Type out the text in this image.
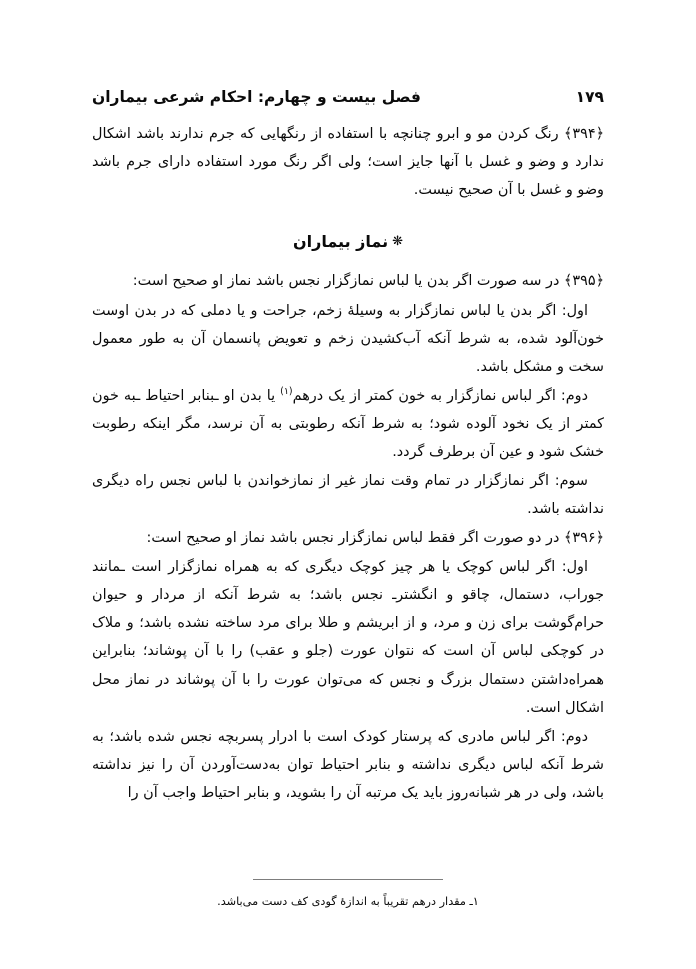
فصل بیست و چهارم: احکام شرعی بیماران	۱۷۹

﴿۳۹۴﴾ رنگ کردن مو و ابرو چنانچه با استفاده از رنگهایی که جرم ندارند باشد اشکال ندارد و وضو و غسل با آنها جایز است؛ ولی اگر رنگ مورد استفاده دارای جرم باشد وضو و غسل با آن صحیح نیست.

❋نماز بیماران

﴿۳۹۵﴾ در سه صورت اگر بدن یا لباس نمازگزار نجس باشد نماز او صحیح است:

اول: اگر بدن یا لباس نمازگزار به وسیلهٔ زخم، جراحت و یا دملی که در بدن اوست خون‌آلود شده، به شرط آنکه آب‌کشیدن زخم و تعویض پانسمان آن به طور معمول سخت و مشکل باشد.

دوم: اگر لباس نمازگزار به خون کمتر از یک درهم$^{(۱)}$ یا بدن او ـبنابر احتیاط ـبه خون کمتر از یک نخود آلوده شود؛ به شرط آنکه رطوبتی به آن نرسد، مگر اینکه رطوبت خشک شود و عین آن برطرف گردد.

سوم: اگر نمازگزار در تمام وقت نماز غیر از نمازخواندن با لباس نجس راه دیگری نداشته باشد.

﴿۳۹۶﴾ در دو صورت اگر فقط لباس نمازگزار نجس باشد نماز او صحیح است:

اول: اگر لباس کوچک یا هر چیز کوچک دیگری که به همراه نمازگزار است ـمانند جوراب، دستمال، چاقو و انگشترـ نجس باشد؛ به شرط آنکه از مردار و حیوان حرام‌گوشت برای زن و مرد، و از ابریشم و طلا برای مرد ساخته نشده باشد؛ و ملاک در کوچکی لباس آن است که نتوان عورت (جلو و عقب) را با آن پوشاند؛ بنابراین همراه‌داشتن دستمال بزرگ و نجس که می‌توان عورت را با آن پوشاند در نماز محل اشکال است.

دوم: اگر لباس مادری که پرستار کودک است با ادرار پسربچه نجس شده باشد؛ به شرط آنکه لباس دیگری نداشته و بنابر احتیاط توان به‌دست‌آوردن آن را نیز نداشته باشد، ولی در هر شبانه‌روز باید یک مرتبه آن را بشوید، و بنابر احتیاط واجب آن را

۱ـ مقدار درهم تقریباً به اندازهٔ گودی کف دست می‌باشد.
